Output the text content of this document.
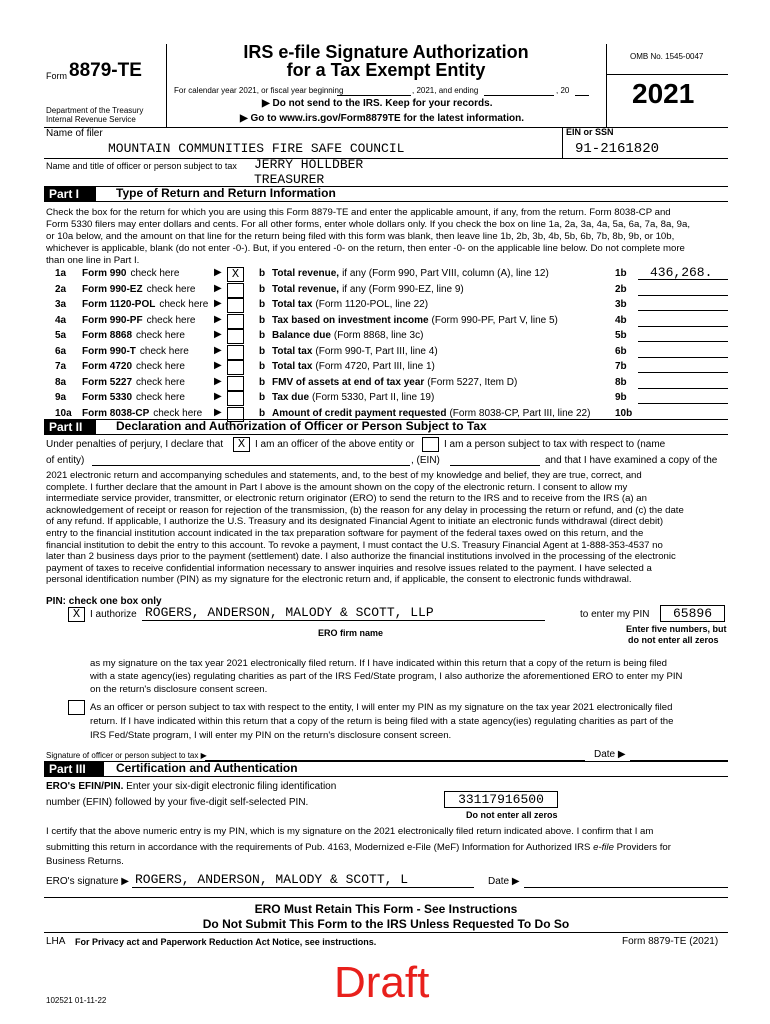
Form 8879-TE
Department of the Treasury
Internal Revenue Service
IRS e-file Signature Authorization
for a Tax Exempt Entity
For calendar year 2021, or fiscal year beginning	, 2021, and ending	, 20
▶ Do not send to the IRS. Keep for your records.
▶ Go to www.irs.gov/Form8879TE for the latest information.
OMB No. 1545-0047
2021
Name of filer
MOUNTAIN COMMUNITIES FIRE SAFE COUNCIL
EIN or SSN
91-2161820
Name and title of officer or person subject to tax JERRY HOLLDBER
TREASURER
Part I	Type of Return and Return Information
Check the box for the return for which you are using this Form 8879-TE and enter the applicable amount, if any, from the return. Form 8038-CP and
Form 5330 filers may enter dollars and cents. For all other forms, enter whole dollars only. If you check the box on line 1a, 2a, 3a, 4a, 5a, 6a, 7a, 8a, 9a,
or 10a below, and the amount on that line for the return being filed with this form was blank, then leave line 1b, 2b, 3b, 4b, 5b, 6b, 7b, 8b, 9b, or 10b,
whichever is applicable, blank (do not enter -0-). But, if you entered -0- on the return, then enter -0- on the applicable line below. Do not complete more
than one line in Part I.
1a Form 990 check here	▶ X	b Total revenue, if any (Form 990, Part VIII, column (A), line 12)	1b 436,268.
2a Form 990-EZ check here ▶	b Total revenue, if any (Form 990-EZ, line 9)	2b
3a Form 1120-POL check here ▶	b Total tax (Form 1120-POL, line 22)	3b
4a Form 990-PF check here ▶	b Tax based on investment income (Form 990-PF, Part V, line 5)	4b
5a Form 8868 check here	▶	b Balance due (Form 8868, line 3c)	5b
6a Form 990-T check here	▶	b Total tax (Form 990-T, Part III, line 4)	6b
7a Form 4720 check here	▶	b Total tax (Form 4720, Part III, line 1)	7b
8a Form 5227 check here	▶	b FMV of assets at end of tax year (Form 5227, Item D)	8b
9a Form 5330 check here	▶	b Tax due (Form 5330, Part II, line 19)	9b
10a Form 8038-CP check here ▶	b Amount of credit payment requested (Form 8038-CP, Part III, line 22) 10b
Part II	Declaration and Authorization of Officer or Person Subject to Tax
Under penalties of perjury, I declare that	X I am an officer of the above entity or	I am a person subject to tax with respect to (name
of entity)	, (EIN)	and that I have examined a copy of the
2021 electronic return and accompanying schedules and statements, and, to the best of my knowledge and belief, they are true, correct, and
complete. I further declare that the amount in Part I above is the amount shown on the copy of the electronic return. I consent to allow my
intermediate service provider, transmitter, or electronic return originator (ERO) to send the return to the IRS and to receive from the IRS (a) an
acknowledgement of receipt or reason for rejection of the transmission, (b) the reason for any delay in processing the return or refund, and (c) the date
of any refund. If applicable, I authorize the U.S. Treasury and its designated Financial Agent to initiate an electronic funds withdrawal (direct debit)
entry to the financial institution account indicated in the tax preparation software for payment of the federal taxes owed on this return, and the
financial institution to debit the entry to this account. To revoke a payment, I must contact the U.S. Treasury Financial Agent at 1-888-353-4537 no
later than 2 business days prior to the payment (settlement) date. I also authorize the financial institutions involved in the processing of the electronic
payment of taxes to receive confidential information necessary to answer inquiries and resolve issues related to the payment. I have selected a
personal identification number (PIN) as my signature for the electronic return and, if applicable, the consent to electronic funds withdrawal.
PIN: check one box only
X I authorize ROGERS, ANDERSON, MALODY & SCOTT, LLP	to enter my PIN	65896
ERO firm name	Enter five numbers, but
do not enter all zeros
as my signature on the tax year 2021 electronically filed return. If I have indicated within this return that a copy of the return is being filed
with a state agency(ies) regulating charities as part of the IRS Fed/State program, I also authorize the aforementioned ERO to enter my PIN
on the return's disclosure consent screen.
As an officer or person subject to tax with respect to the entity, I will enter my PIN as my signature on the tax year 2021 electronically filed
return. If I have indicated within this return that a copy of the return is being filed with a state agency(ies) regulating charities as part of the
IRS Fed/State program, I will enter my PIN on the return's disclosure consent screen.
Signature of officer or person subject to tax ▶	Date ▶
Part III	Certification and Authentication
ERO's EFIN/PIN. Enter your six-digit electronic filing identification
number (EFIN) followed by your five-digit self-selected PIN.	33117916500
Do not enter all zeros
I certify that the above numeric entry is my PIN, which is my signature on the 2021 electronically filed return indicated above. I confirm that I am
submitting this return in accordance with the requirements of Pub. 4163, Modernized e-File (MeF) Information for Authorized IRS e-file Providers for
Business Returns.
ERO's signature ▶ ROGERS, ANDERSON, MALODY & SCOTT, L	Date ▶
ERO Must Retain This Form - See Instructions
Do Not Submit This Form to the IRS Unless Requested To Do So
LHA For Privacy act and Paperwork Reduction Act Notice, see instructions.	Form 8879-TE (2021)
102521 01-11-22	Draft
